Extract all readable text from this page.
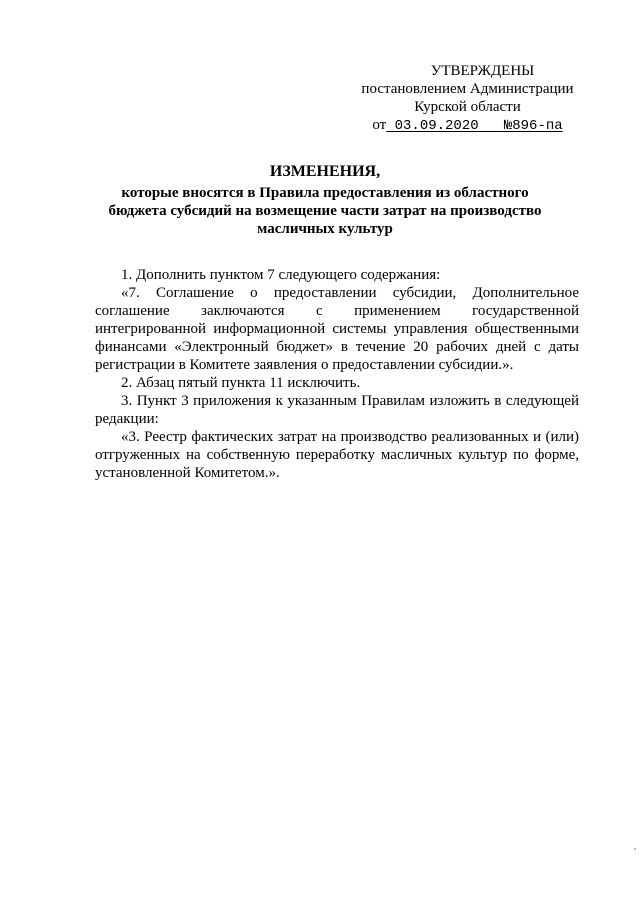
УТВЕРЖДЕНЫ
постановлением Администрации
Курской области
от 03.09.2020 №896-па
ИЗМЕНЕНИЯ,
которые вносятся в Правила предоставления из областного
бюджета субсидий на возмещение части затрат на производство
масличных культур

1. Дополнить пунктом 7 следующего содержания:

«7. Соглашение о предоставлении субсидии, Дополнительное соглашение заключаются с применением государственной интегрированной информационной системы управления общественными финансами «Электронный бюджет» в течение 20 рабочих дней с даты регистрации в Комитете заявления о предоставлении субсидии.».

2. Абзац пятый пункта 11 исключить.

3. Пункт 3 приложения к указанным Правилам изложить в следующей редакции:

«3. Реестр фактических затрат на производство реализованных и (или) отгруженных на собственную переработку масличных культур по форме, установленной Комитетом.».
